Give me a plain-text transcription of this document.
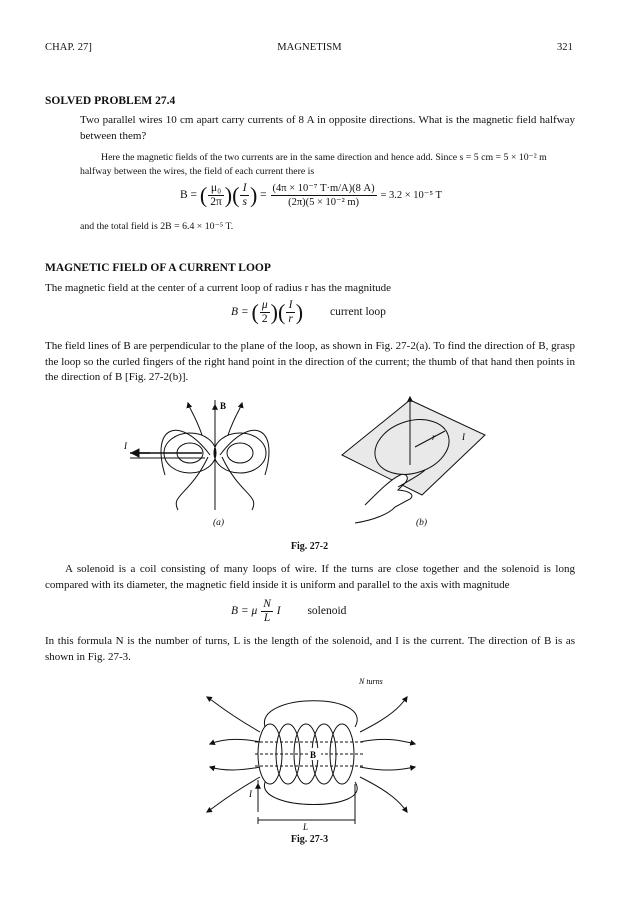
CHAP. 27]	MAGNETISM	321
SOLVED PROBLEM 27.4
Two parallel wires 10 cm apart carry currents of 8 A in opposite directions. What is the magnetic field halfway between them?
Here the magnetic fields of the two currents are in the same direction and hence add. Since s = 5 cm = 5 × 10⁻² m
halfway between the wires, the field of each current there is
B = ( $\frac{\text{μ₀}}{2\pi}$ )( $\frac{I}{s}$ ) = $\frac{\text{(4π × 10⁻⁷ T·m/A)(8 A)}}{\text{(2π)(5 × 10⁻² m)}} = 3.2 \times 10^{-5}$ T
and the total field is 2B = 6.4 × 10⁻⁵ T.
MAGNETIC FIELD OF A CURRENT LOOP
The magnetic field at the center of a current loop of radius r has the magnitude
B = ( $\frac{\mu}{2}$ )( $\frac{I}{r}$ ) current loop
The field lines of B are perpendicular to the plane of the loop, as shown in Fig. 27-2(a). To find the direction of B, grasp the loop so the curled fingers of the right hand point in the direction of the current; the thumb of that hand then points in the direction of B [Fig. 27-2(b)].
B
I
r	I
(a)	(b)
Fig. 27-2
A solenoid is a coil consisting of many loops of wire. If the turns are close together and the solenoid is long compared with its diameter, the magnetic field inside it is uniform and parallel to the axis with magnitude
B = μ $\frac{N}{L}$ I solenoid
In this formula N is the number of turns, L is the length of the solenoid, and I is the current. The direction of B is as shown in Fig. 27-3.
B
N turns
I
L
Fig. 27-3
